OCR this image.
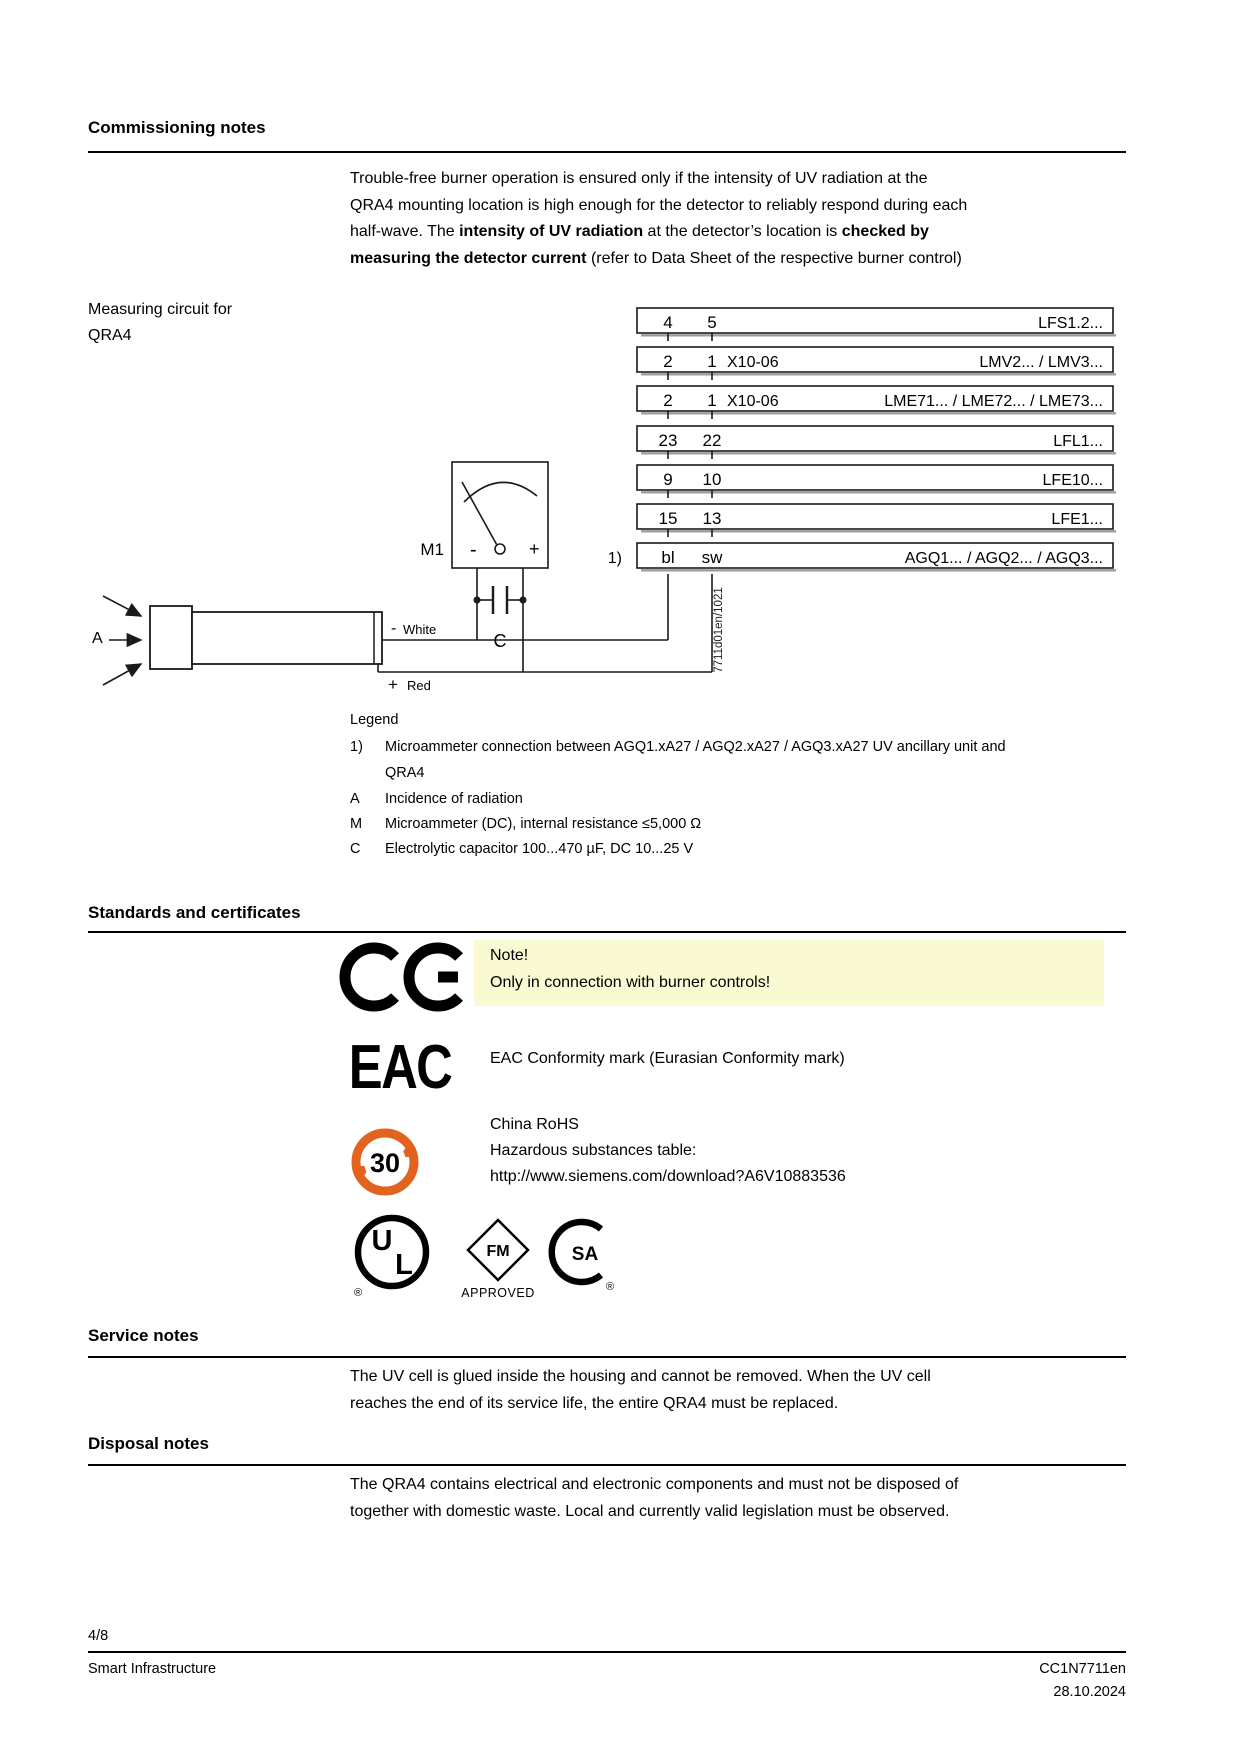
Commissioning notes
Trouble-free burner operation is ensured only if the intensity of UV radiation at the
QRA4 mounting location is high enough for the detector to reliably respond during each
half-wave. The intensity of UV radiation at the detector’s location is checked by
measuring the detector current (refer to Data Sheet of the respective burner control)
Measuring circuit for
QRA4
4 5	LFS1.2...
2 1 X10-06	LMV2... / LMV3...
2 1 X10-06	LME71... / LME72... / LME73...
23 22	LFL1...
9 10	LFE10...
15 13	LFE1...
bl sw	AGQ1... / AGQ2... / AGQ3...
1)
-	+
M1
C
- White
+ Red
A	7711d01en/1021
Legend
1) Microammeter connection between AGQ1.xA27 / AGQ2.xA27 / AGQ3.xA27 UV ancillary unit and
QRA4
A Incidence of radiation
M Microammeter (DC), internal resistance ≤5,000 Ω
C Electrolytic capacitor 100...470 µF, DC 10...25 V
Standards and certificates
Note!
Only in connection with burner controls!
EAC EAC Conformity mark (Eurasian Conformity mark)
30
China RoHS
Hazardous substances table:
http://www.siemens.com/download?A6V10883536
U
L
®
FM
APPROVED
SA
®
Service notes
The UV cell is glued inside the housing and cannot be removed. When the UV cell
reaches the end of its service life, the entire QRA4 must be replaced.
Disposal notes
The QRA4 contains electrical and electronic components and must not be disposed of
together with domestic waste. Local and currently valid legislation must be observed.
4/8
Smart Infrastructure	CC1N7711en
28.10.2024
